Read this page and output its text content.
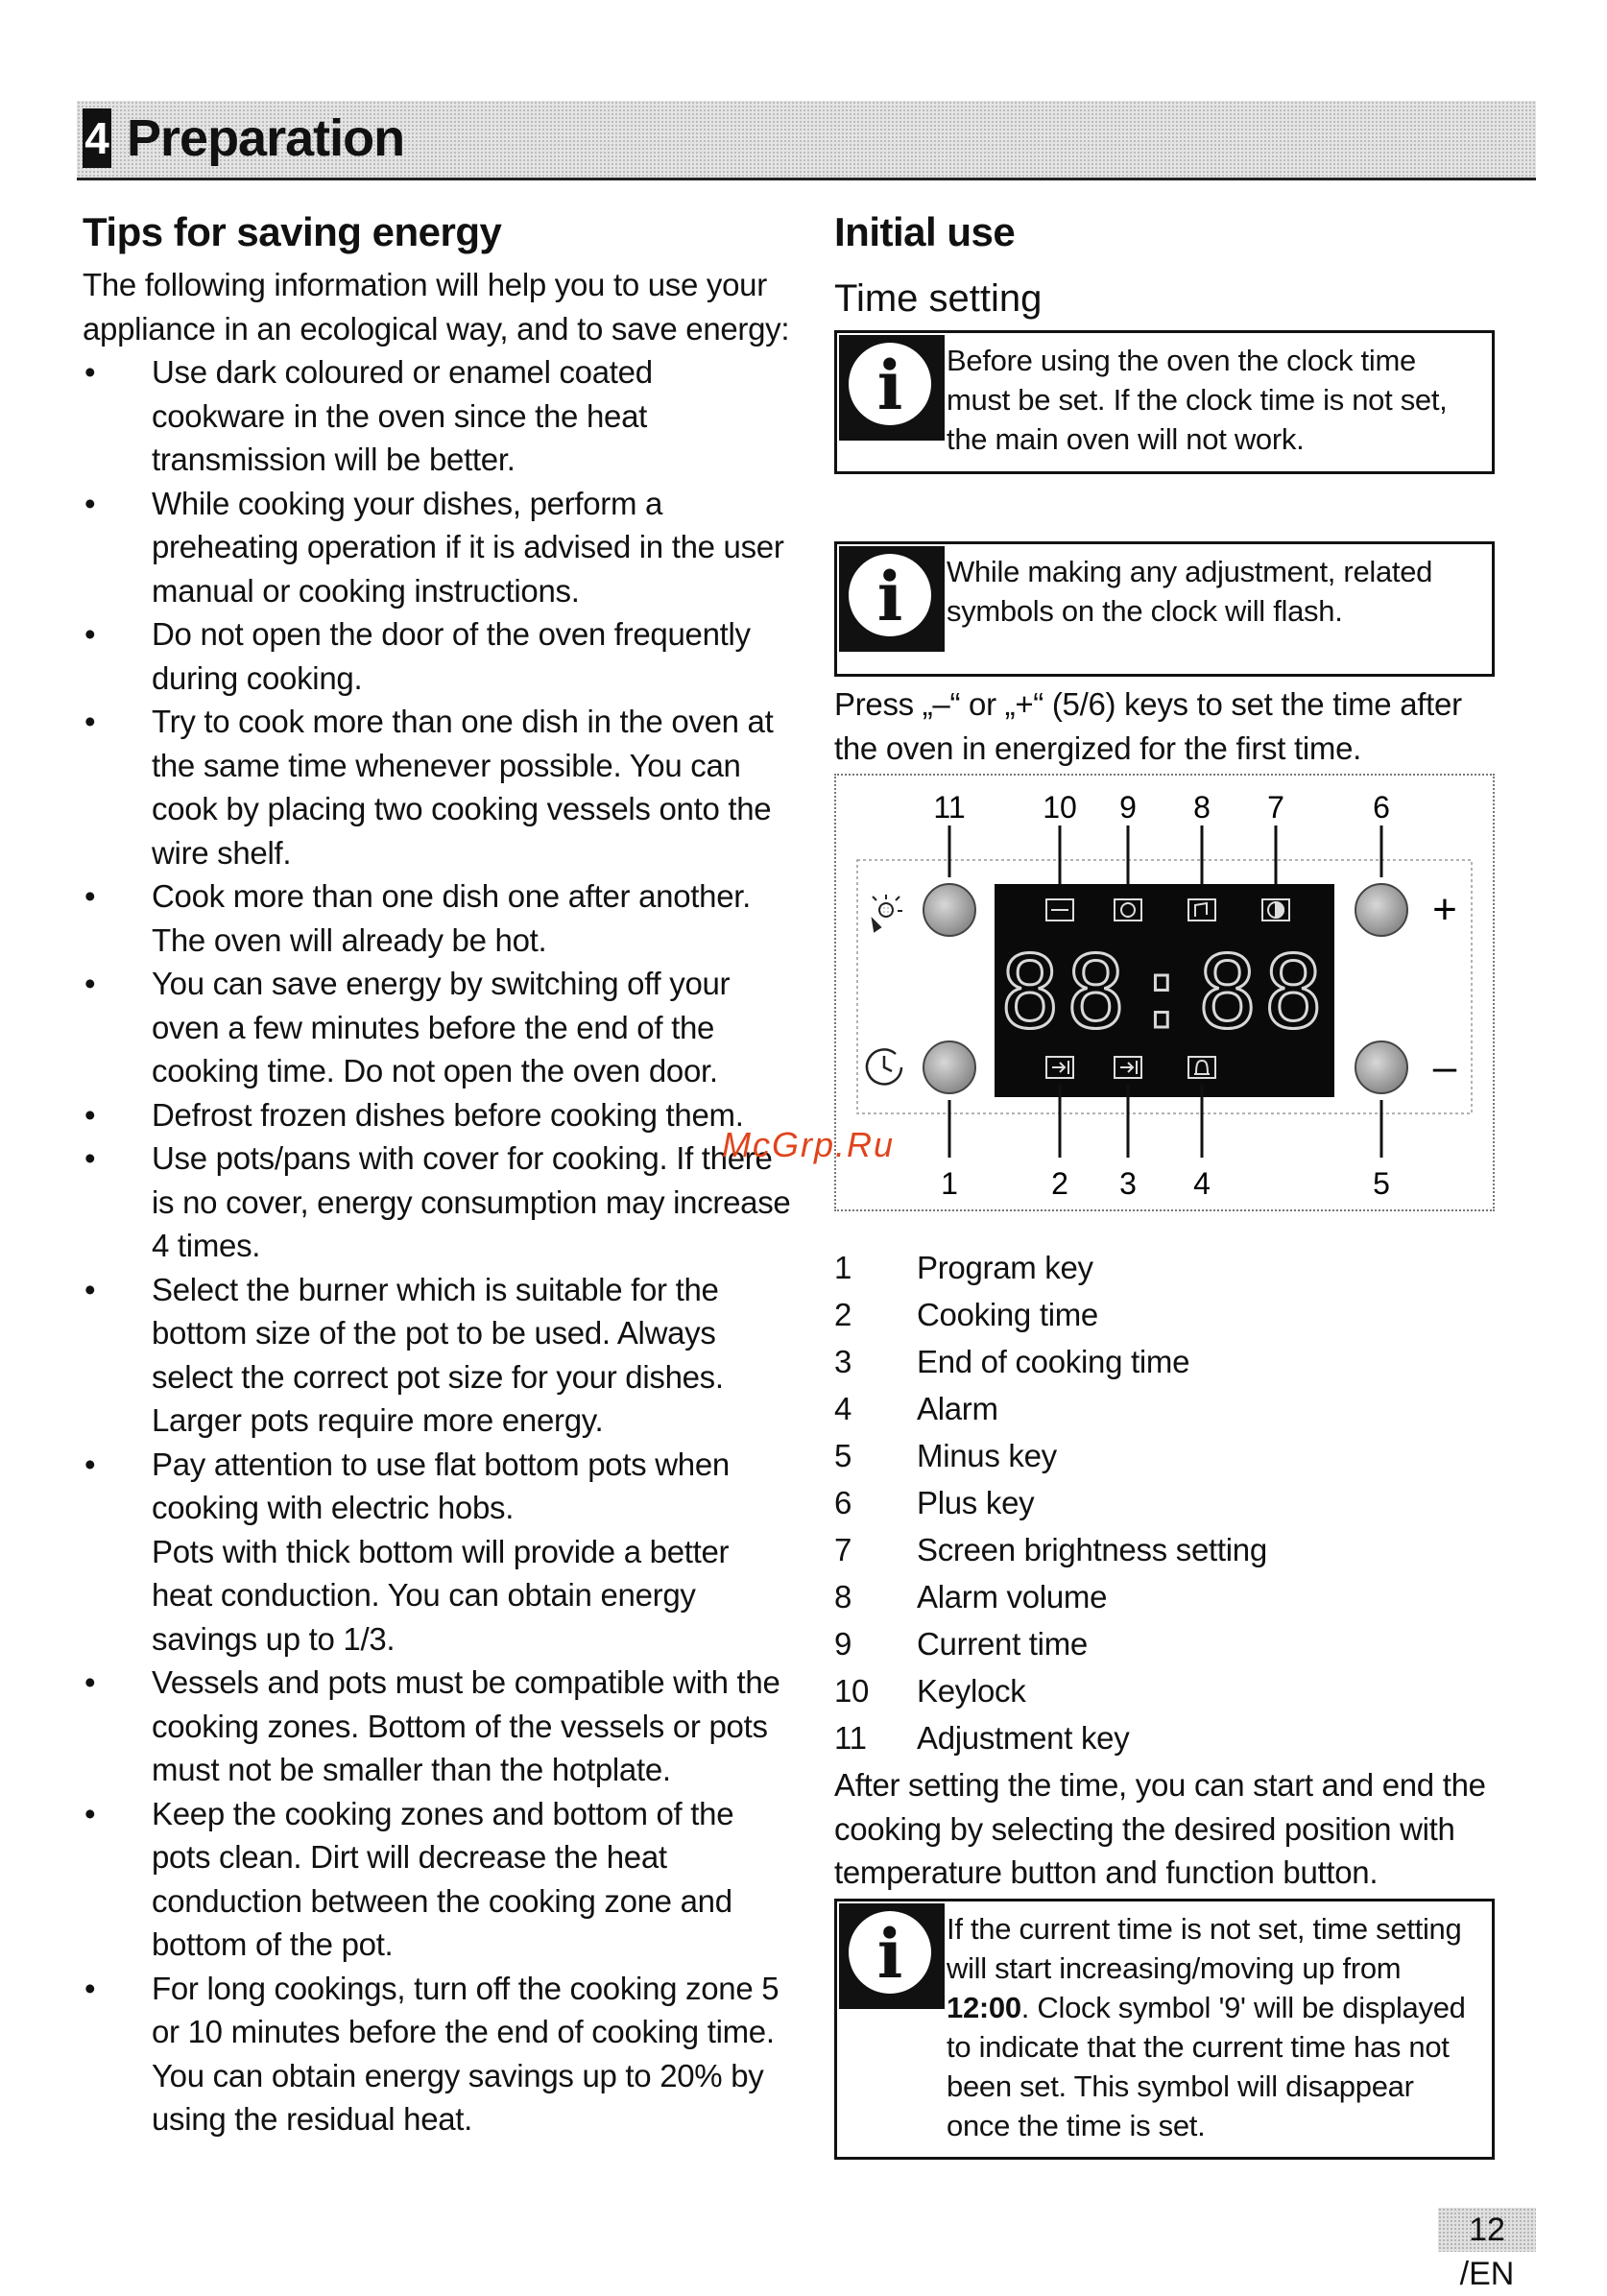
4 Preparation
Tips for saving energy

The following information will help you to use your appliance in an ecological way, and to save energy:

• Use dark coloured or enamel coated cookware in the oven since the heat transmission will be better.
• While cooking your dishes, perform a preheating operation if it is advised in the user manual or cooking instructions.
• Do not open the door of the oven frequently during cooking.
• Try to cook more than one dish in the oven at the same time whenever possible. You can cook by placing two cooking vessels onto the wire shelf.
• Cook more than one dish one after another. The oven will already be hot.
• You can save energy by switching off your oven a few minutes before the end of the cooking time. Do not open the oven door.
• Defrost frozen dishes before cooking them.
• Use pots/pans with cover for cooking. If there is no cover, energy consumption may increase 4 times.
• Select the burner which is suitable for the bottom size of the pot to be used. Always select the correct pot size for your dishes. Larger pots require more energy.
• Pay attention to use flat bottom pots when cooking with electric hobs.
Pots with thick bottom will provide a better heat conduction. You can obtain energy savings up to 1/3.
• Vessels and pots must be compatible with the cooking zones. Bottom of the vessels or pots must not be smaller than the hotplate.
• Keep the cooking zones and bottom of the pots clean. Dirt will decrease the heat conduction between the cooking zone and bottom of the pot.
• For long cookings, turn off the cooking zone 5 or 10 minutes before the end of cooking time. You can obtain energy savings up to 20% by using the residual heat.
Initial use
Time setting
i	Before using the oven the clock time must be set. If the clock time is not set, the main oven will not work.
i	While making any adjustment, related symbols on the clock will flash.

Press „–“ or „+“ (5/6) keys to set the time after the oven in energized for the first time.

11	10 9 8 7	6
+
–
88:88
1	2 3 4	5
1	Program key
2	Cooking time
3	End of cooking time
4	Alarm
5	Minus key
6	Plus key
7	Screen brightness setting
8	Alarm volume
9	Current time
10	Keylock
11	Adjustment key

After setting the time, you can start and end the cooking by selecting the desired position with temperature button and function button.

i	If the current time is not set, time setting will start increasing/moving up from 12:00. Clock symbol '9' will be displayed to indicate that the current time has not been set. This symbol will disappear once the time is set.
12 /EN
McGrp.Ru
